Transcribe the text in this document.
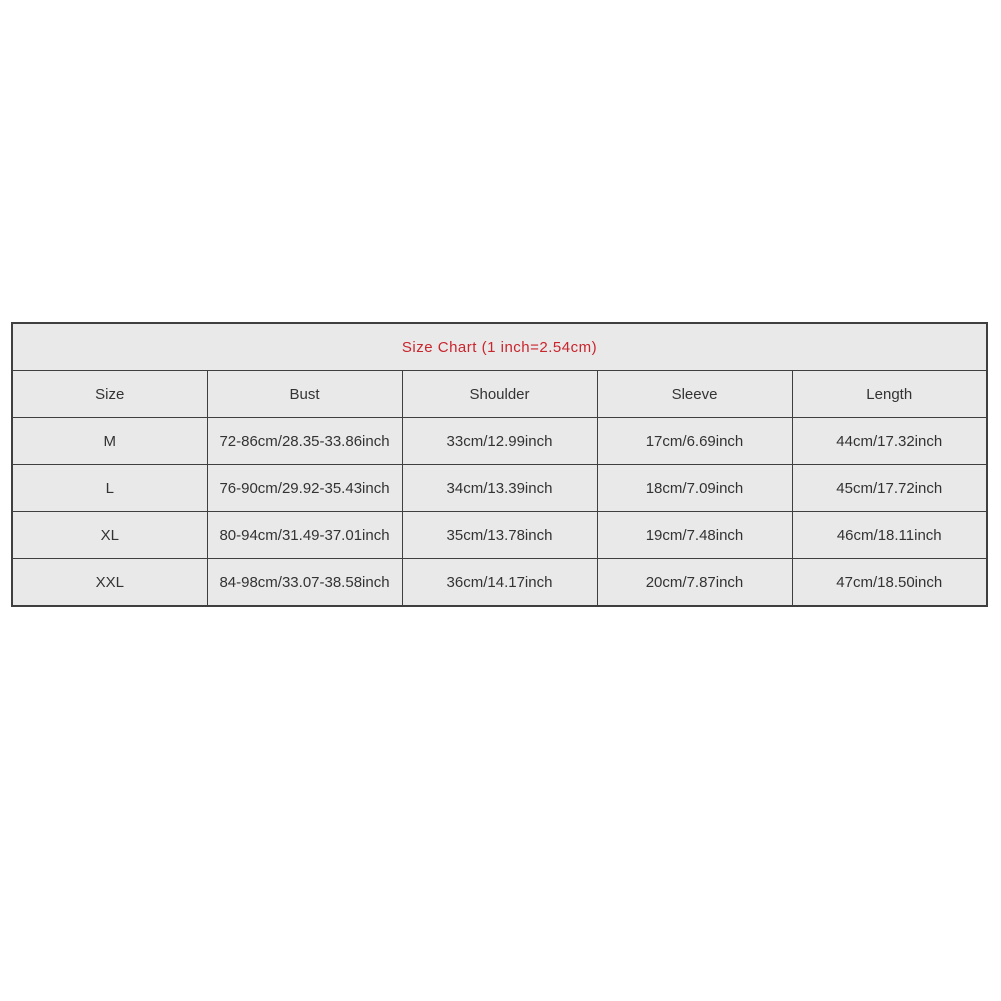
Size Chart (1 inch=2.54cm)				
Size	Bust	Shoulder	Sleeve	Length
M	72-86cm/28.35-33.86inch	33cm/12.99inch	17cm/6.69inch	44cm/17.32inch
L	76-90cm/29.92-35.43inch	34cm/13.39inch	18cm/7.09inch	45cm/17.72inch
XL	80-94cm/31.49-37.01inch	35cm/13.78inch	19cm/7.48inch	46cm/18.11inch
XXL	84-98cm/33.07-38.58inch	36cm/14.17inch	20cm/7.87inch	47cm/18.50inch
